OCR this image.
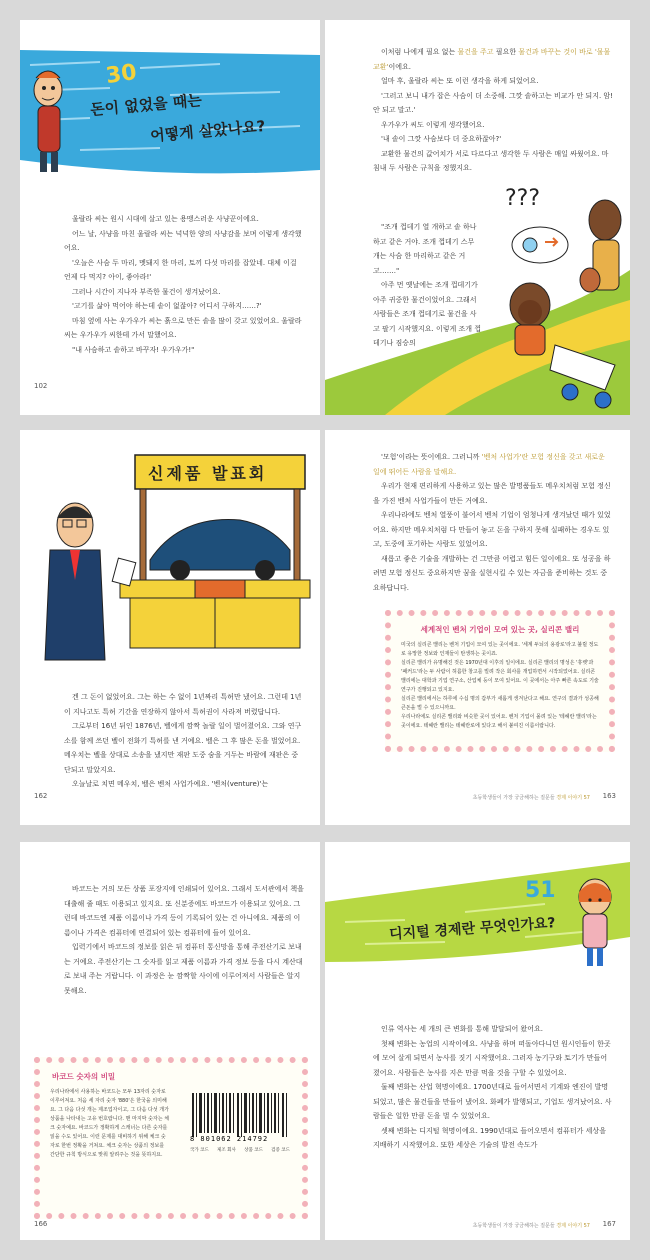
30
돈이 없었을 때는
어떻게 살았나요?

울랄라 씨는 원시 시대에 살고 있는 용맹스러운 사냥꾼이에요.

어느 날, 사냥을 마친 울랄라 씨는 넉넉한 양의 사냥감을 보며 이렇게 생각했어요.

'오늘은 사슴 두 마리, 멧돼지 한 마리, 토끼 다섯 마리를 잡았네. 대체 이걸 언제 다 먹지? 아이, 좋아라!'

그러나 시간이 지나자 부족한 물건이 생겨났어요.

'고기를 삶아 먹어야 하는데 솥이 없잖아? 어디서 구하지……?'

마침 옆에 사는 우가우가 씨는 흙으로 만든 솥을 많이 갖고 있었어요. 울랄라 씨는 우가우가 씨한테 가서 말했어요.

"내 사슴하고 솥하고 바꾸자! 우가우가!"

102

이처럼 나에게 필요 없는 물건을 주고 필요한 물건과 바꾸는 것이 바로 '물물교환'이에요.

얼마 후, 울랄라 씨는 또 이런 생각을 하게 되었어요.

'그러고 보니 내가 잡은 사슴이 더 소중해. 그깟 솥하고는 비교가 안 되지. 암! 안 되고 말고.'

우가우가 씨도 이렇게 생각했어요.

'내 솥이 그깟 사슴보다 더 중요하잖아?'

교환한 물건의 값어치가 서로 다르다고 생각한 두 사람은 매일 싸웠어요. 마침내 두 사람은 규칙을 정했지요.

"조개 껍데기 열 개하고 솥 하나하고 같은 거야. 조개 껍데기 스무 개는 사슴 한 마리하고 같은 거고……."

아주 먼 옛날에는 조개 껍데기가 아주 귀중한 물건이었어요. 그래서 사람들은 조개 껍데기로 물건을 사고 팔기 시작했지요. 이렇게 조개 껍데기나 짐승의

???
신제품 발표회

겐 그 돈이 없었어요. 그는 하는 수 없이 1년짜리 특허만 냈어요. 그런데 1년이 지나고도 특허 기간을 연장하지 않아서 특허권이 사라져 버렸답니다.

그로부터 16년 뒤인 1876년, 벨에게 깜짝 놀랄 일이 벌어졌어요. 그와 연구소를 함께 쓰던 벨이 전화기 특허를 낸 거예요. 벨은 그 후 많은 돈을 벌었어요. 메우치는 벨을 상대로 소송을 냈지만 재판 도중 숨을 거두는 바람에 재판은 중단되고 말았지요.

오늘날로 치면 메우치, 벨은 벤처 사업가예요. '벤처(venture)'는

162

'모험'이라는 뜻이에요. 그러니까 '벤처 사업가'란 모험 정신을 갖고 새로운 일에 뛰어든 사람을 말해요.

우리가 현재 편리하게 사용하고 있는 많은 발명품들도 메우치처럼 모험 정신을 가진 벤처 사업가들이 만든 거예요.

우리나라에도 벤처 열풍이 불어서 벤처 기업이 엄청나게 생겨났던 때가 있었어요. 하지만 메우치처럼 다 만들어 놓고 돈을 구하지 못해 실패하는 경우도 있고, 도중에 포기하는 사람도 있었어요.

새롭고 좋은 기술을 개발하는 건 그만큼 어렵고 힘든 일이에요. 또 성공을 하려면 모험 정신도 중요하지만 꿈을 실현시킬 수 있는 자금을 준비하는 것도 중요하답니다.

세계적인 벤처 기업이 모여 있는 곳, 실리콘 밸리
미국의 실리콘 밸리는 벤처 기업이 모여 있는 곳이에요. '세계 두뇌의 용광로'라고 불릴 정도로 유망한 정보와 인재들이 탄생하는 곳이죠.
실리콘 밸리가 유명해진 것은 1970년대 이후의 일이에요. 실리콘 밸리의 명성은 '휴렛'과 '패커드'라는 두 사람이 허름한 창고를 빌려 작은 회사를 개업하면서 시작되었어요. 실리콘 밸리에는 대학과 기업 연구소, 산업체 등이 모여 있어요. 이 곳에서는 아주 빠른 속도로 기술 연구가 진행되고 있지요.
실리콘 밸리에서는 하루에 수십 명의 갑부가 새롭게 생겨난다고 해요. 연구의 결과가 성공해 큰돈을 벌 수 있으니까요.
우리나라에도 실리콘 밸리와 비슷한 곳이 있어요. 벤처 기업이 몰려 있는 '테헤란 밸리'라는 곳이에요. 테헤란 밸리는 테헤란로에 있다고 해서 붙여진 이름이랍니다.
초등학생들이 가장 궁금해하는 질문들 경제 이야기 57 163

바코드는 거의 모든 상품 포장지에 인쇄되어 있어요. 그래서 도서관에서 책을 대출해 줄 때도 이용되고 있지요. 또 신분증에도 바코드가 이용되고 있어요. 그런데 바코드엔 제품 이름이나 가격 등이 기록되어 있는 건 아니에요. 제품의 이름이나 가격은 컴퓨터에 연결되어 있는 컴퓨터에 들어 있어요.

입력기에서 바코드의 정보를 읽은 뒤 컴퓨터 통신망을 통해 주전산기로 보내는 거예요. 주전산기는 그 숫자를 읽고 제품 이름과 가격 정보 등을 다시 계산대로 보내 주는 거랍니다. 이 과정은 눈 깜짝할 사이에 이루어져서 사람들은 알지 못해요.

바코드 숫자의 비밀
우리나라에서 사용하는 바코드는 모두 13자리 숫자로 이루어져요. 처음 세 자리 숫자 '880'은 한국을 의미해요. 그 다음 다섯 개는 제조업자이고, 그 다음 다섯 개가 상품을 나타내는 고유 번호랍니다. 맨 마지막 숫자는 체크 숫자예요. 바코드가 정확하게 스캐너는 다른 숫자를 읽을 수도 있어요. 이런 문제를 대비하기 위해 체크 숫자로 한번 정확을 거쳐요. 체크 숫자는 상품의 정보를 간단한 규칙 방식으로 맞춰 알려주는 것을 뜻하지요.
8 801062 214792
국가 코드 제조 회사 상품 코드 검증 코드
166
51
디지털 경제란 무엇인가요?

인류 역사는 세 개의 큰 변화를 통해 발달되어 왔어요.

첫째 변화는 농업의 시작이에요. 사냥을 하며 떠돌아다니던 원시인들이 한곳에 모여 살게 되면서 농사를 짓기 시작했어요. 그러자 농기구와 토기가 만들어졌어요. 사람들은 농사를 지은 만큼 먹을 것을 구할 수 있었어요.

둘째 변화는 산업 혁명이에요. 1700년대로 들어서면서 기계와 엔진이 발명되었고, 많은 물건들을 만들어 냈어요. 화폐가 발행되고, 기업도 생겨났어요. 사람들은 일한 만큼 돈을 벌 수 있었어요.

셋째 변화는 디지털 혁명이에요. 1990년대로 들어오면서 컴퓨터가 세상을 지배하기 시작했어요. 또한 세상은 기술의 발전 속도가

초등학생들이 가장 궁금해하는 질문들 경제 이야기 57 167
